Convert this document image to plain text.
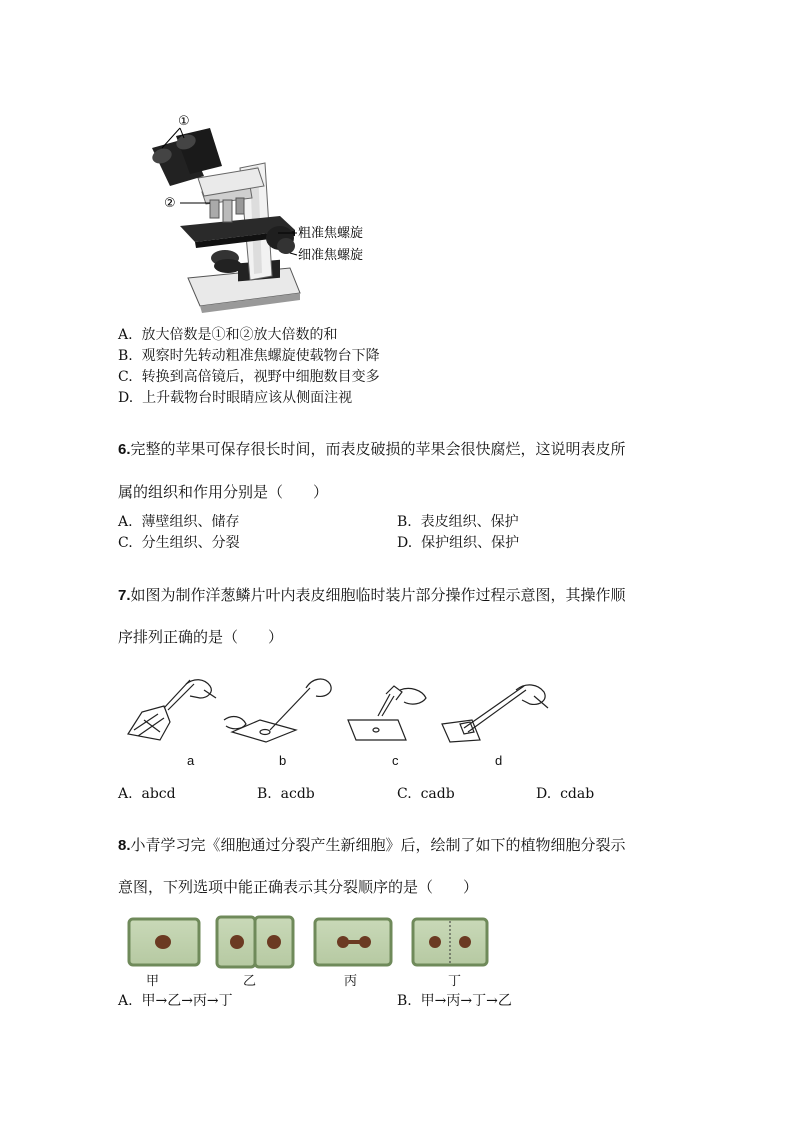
①
②
粗准焦螺旋
细准焦螺旋
A. 放大倍数是①和②放大倍数的和
B. 观察时先转动粗准焦螺旋使载物台下降
C. 转换到高倍镜后，视野中细胞数目变多
D. 上升载物台时眼睛应该从侧面注视
6.完整的苹果可保存很长时间，而表皮破损的苹果会很快腐烂，这说明表皮所
属的组织和作用分别是（　　）
A. 薄壁组织、储存	B. 表皮组织、保护
C. 分生组织、分裂	D. 保护组织、保护
7.如图为制作洋葱鳞片叶内表皮细胞临时装片部分操作过程示意图，其操作顺
序排列正确的是（　　）
a	b	c	d
A. abcd	B. acdb	C. cadb	D. cdab
8.小青学习完《细胞通过分裂产生新细胞》后，绘制了如下的植物细胞分裂示
意图，下列选项中能正确表示其分裂顺序的是（　　）
甲	乙	丙	丁
A. 甲→乙→丙→丁	B. 甲→丙→丁→乙
